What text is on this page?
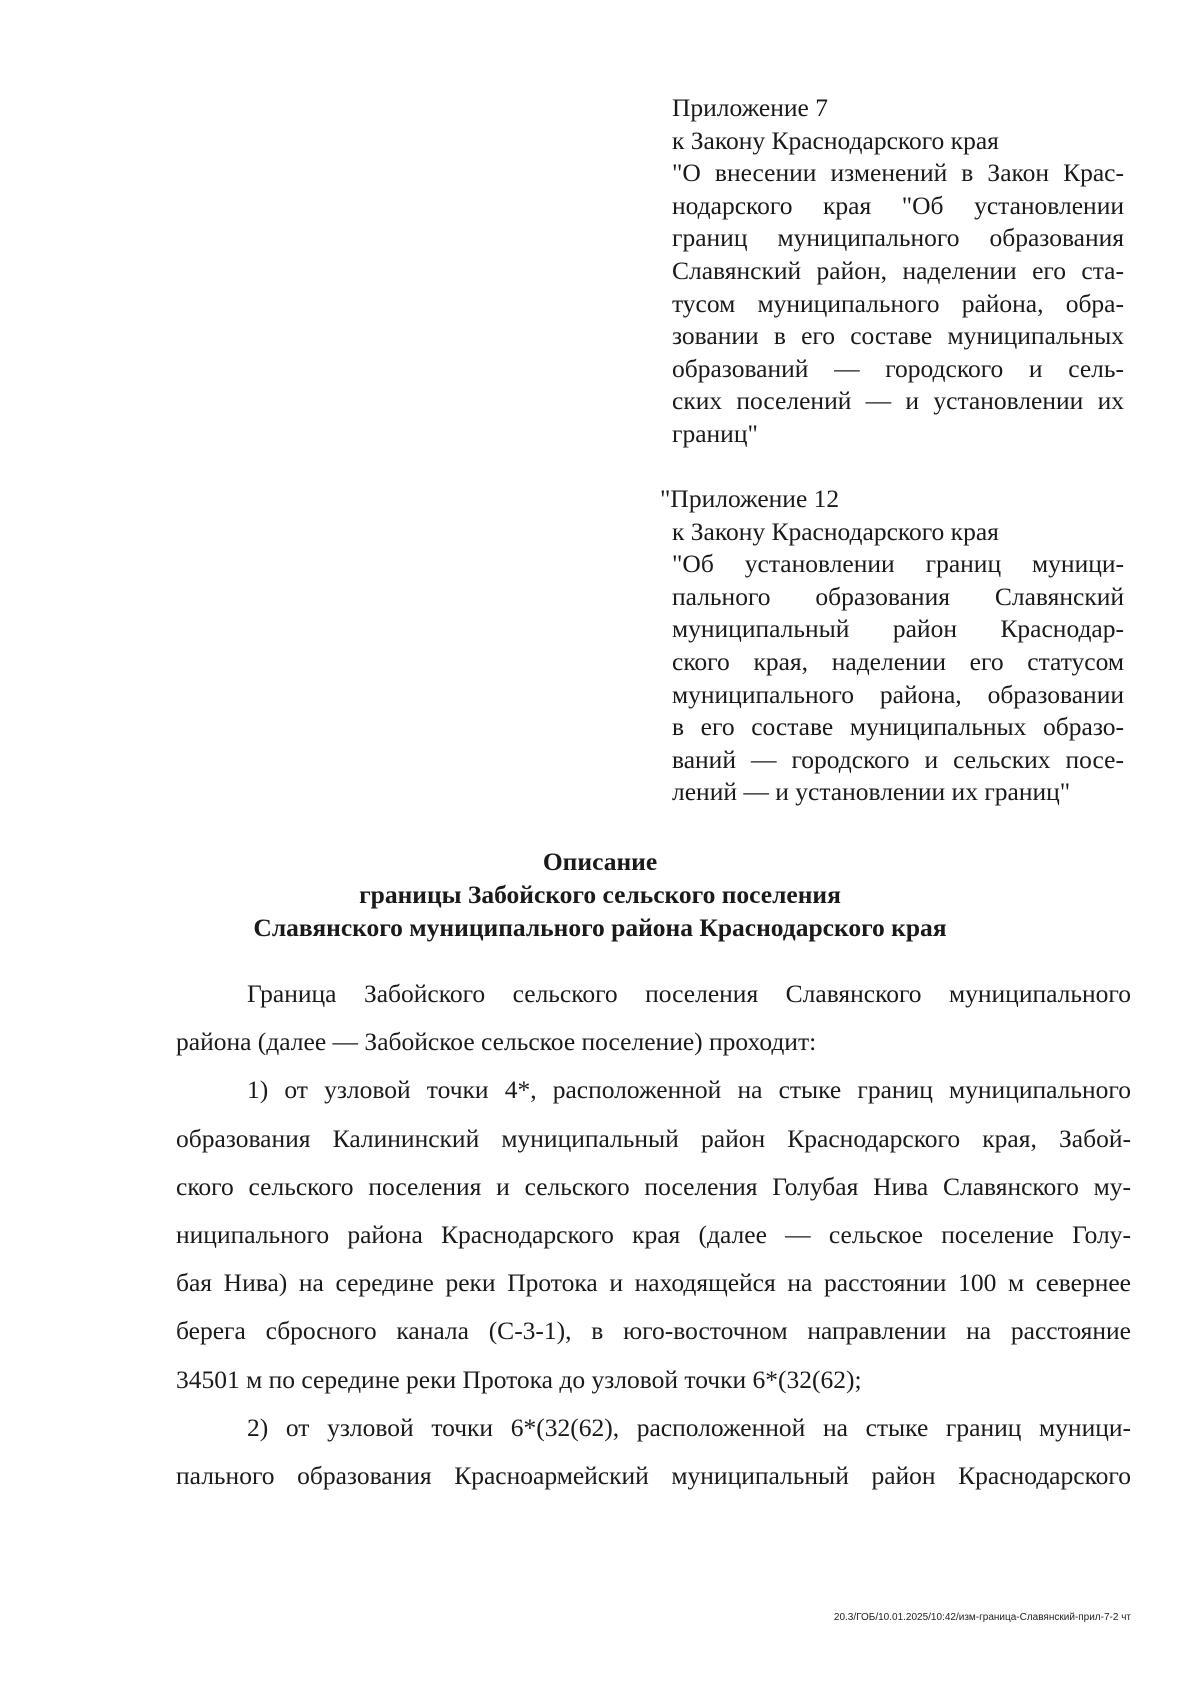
Приложение 7
к Закону Краснодарского края
"О внесении изменений в Закон Крас-
нодарского края "Об установлении
границ муниципального образования
Славянский район, наделении его ста-
тусом муниципального района, обра-
зовании в его составе муниципальных
образований — городского и сель-
ских поселений — и установлении их
границ"
"Приложение 12
к Закону Краснодарского края
"Об установлении границ муници-
пального образования Славянский
муниципальный район Краснодар-
ского края, наделении его статусом
муниципального района, образовании
в его составе муниципальных образо-
ваний — городского и сельских посе-
лений — и установлении их границ"
Описание
границы Забойского сельского поселения
Славянского муниципального района Краснодарского края
Граница Забойского сельского поселения Славянского муниципального
района (далее — Забойское сельское поселение) проходит:
1) от узловой точки 4*, расположенной на стыке границ муниципального
образования Калининский муниципальный район Краснодарского края, Забой-
ского сельского поселения и сельского поселения Голубая Нива Славянского му-
ниципального района Краснодарского края (далее — сельское поселение Голу-
бая Нива) на середине реки Протока и находящейся на расстоянии 100 м севернее
берега сбросного канала (С-3-1), в юго-восточном направлении на расстояние
34501 м по середине реки Протока до узловой точки 6*(32(62);
2) от узловой точки 6*(32(62), расположенной на стыке границ муници-
пального образования Красноармейский муниципальный район Краснодарского
20.3/ГОБ/10.01.2025/10:42/изм-граница-Славянский-прил-7-2 чт
